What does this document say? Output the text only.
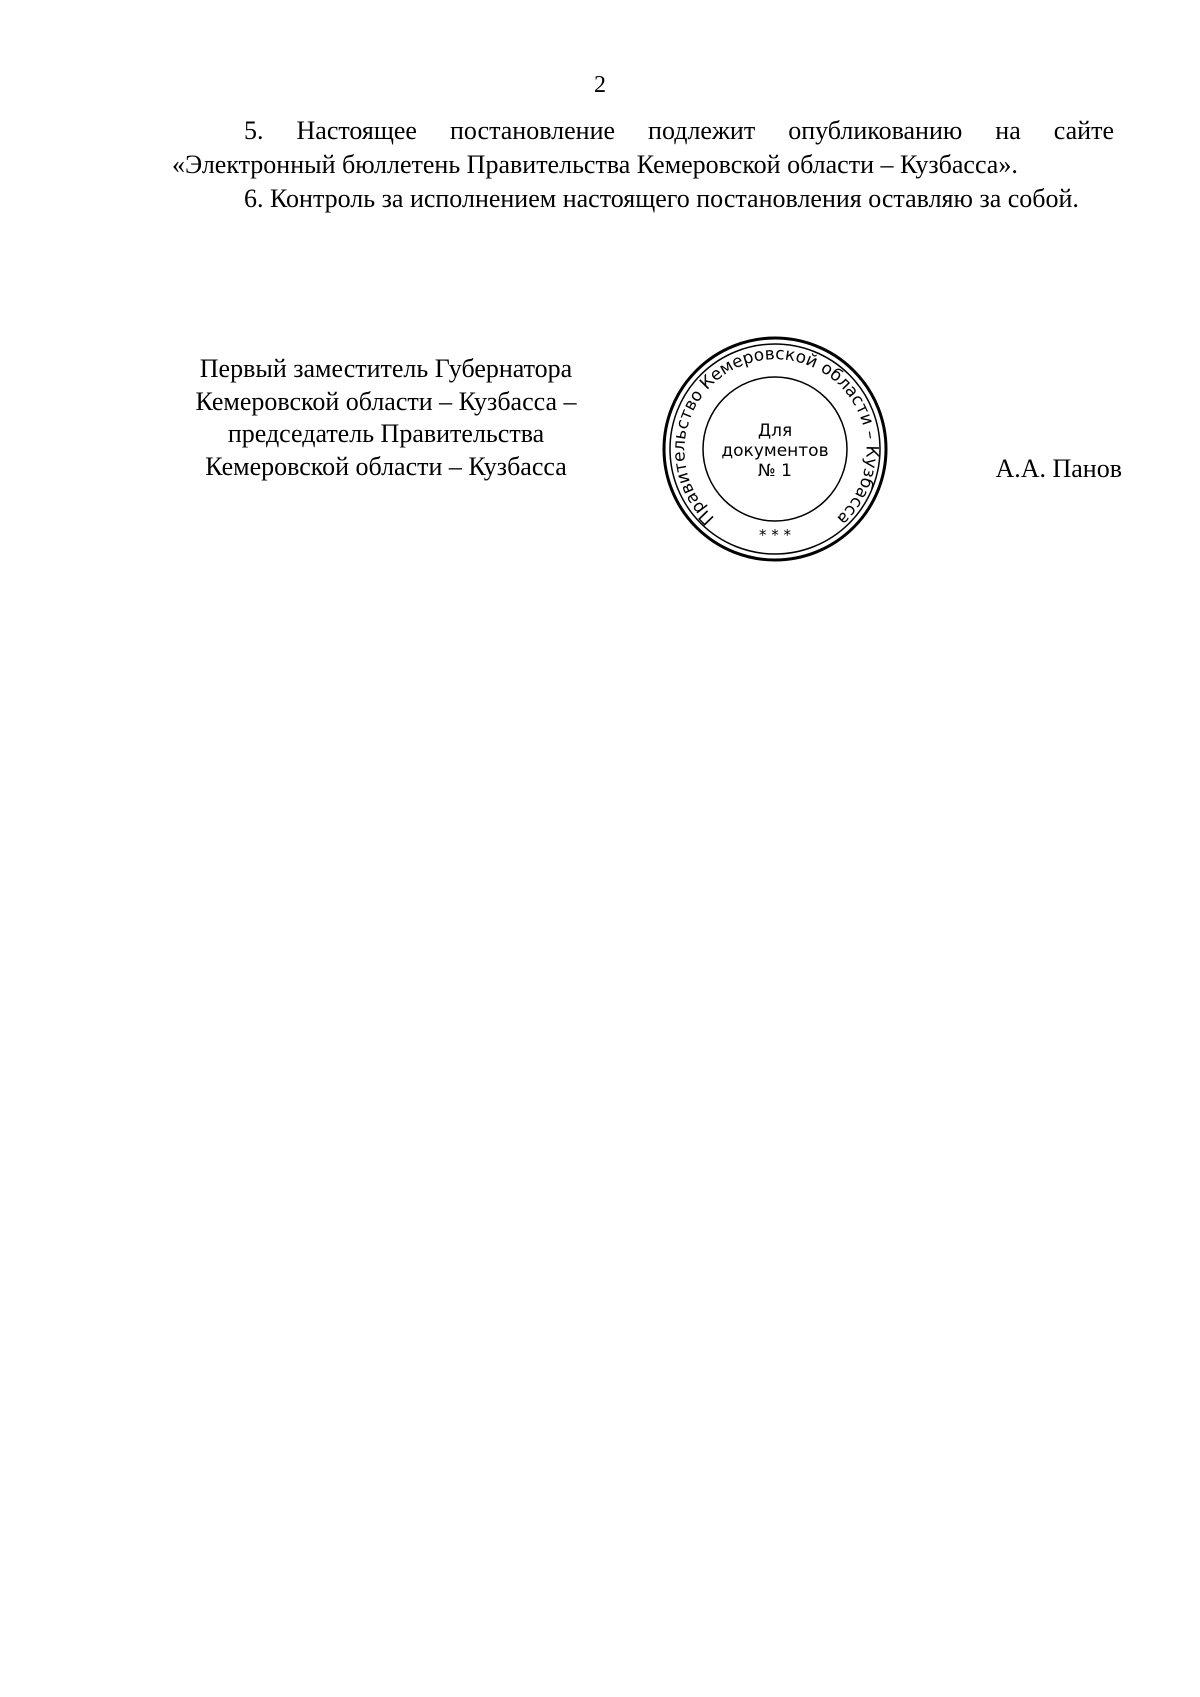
2

5. Настоящее постановление подлежит опубликованию на сайте «Электронный бюллетень Правительства Кемеровской области – Кузбасса».

6. Контроль за исполнением настоящего постановления оставляю за собой.

Первый заместитель Губернатора
Кемеровской области – Кузбасса –
председатель Правительства
Кемеровской области – Кузбасса
Правительство Кемеровской области – Кузбасса
Для
документов
№ 1
* * *
А.А. Панов
